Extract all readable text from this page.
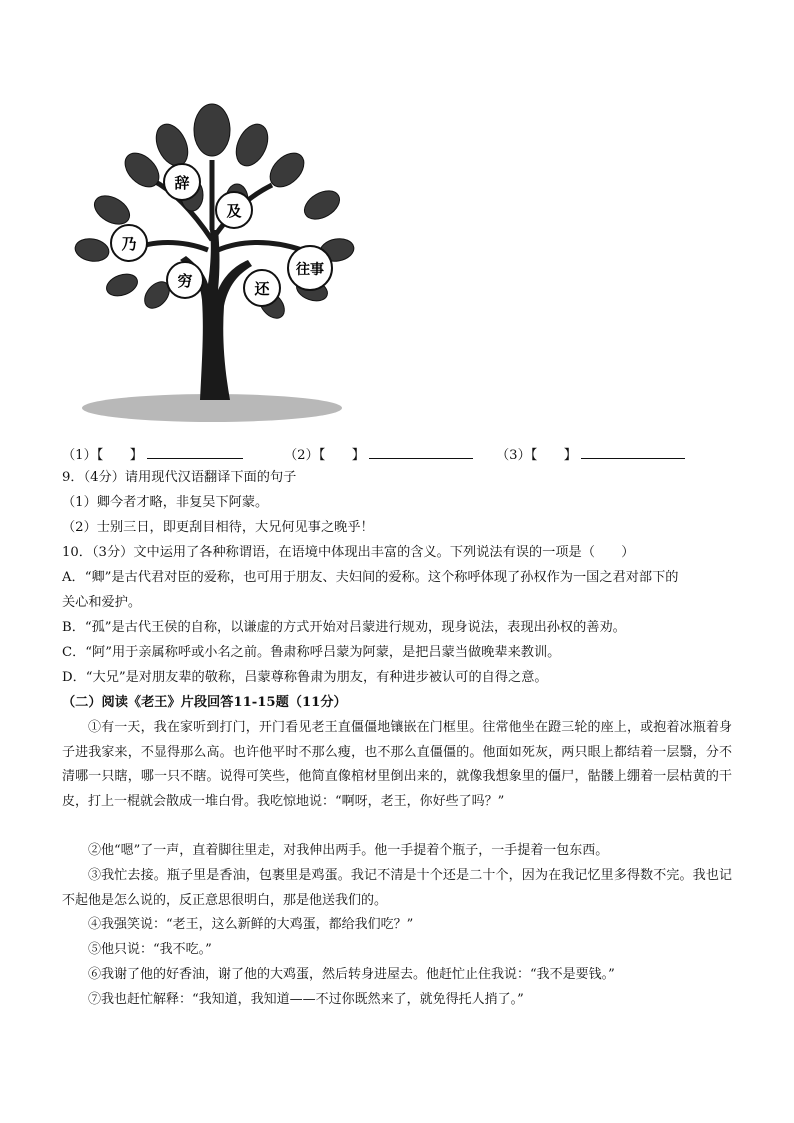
辞
及
乃
穷	还
往事
（1）【　　】	（2）【　　】	（3）【　　】
9．（4分）请用现代汉语翻译下面的句子
（1）卿今者才略，非复吴下阿蒙。
（2）士别三日，即更刮目相待，大兄何见事之晚乎！
10．（3分）文中运用了各种称谓语，在语境中体现出丰富的含义。下列说法有误的一项是（　　）
A．“卿”是古代君对臣的爱称，也可用于朋友、夫妇间的爱称。这个称呼体现了孙权作为一国之君对部下的
关心和爱护。
B．“孤”是古代王侯的自称，以谦虚的方式开始对吕蒙进行规劝，现身说法，表现出孙权的善劝。
C．“阿”用于亲属称呼或小名之前。鲁肃称呼吕蒙为阿蒙，是把吕蒙当做晚辈来教训。
D．“大兄”是对朋友辈的敬称，吕蒙尊称鲁肃为朋友，有种进步被认可的自得之意。
（二）阅读《老王》片段回答11-15题（11分）
①有一天，我在家听到打门，开门看见老王直僵僵地镶嵌在门框里。往常他坐在蹬三轮的座上，或抱着冰瓶着身子进我家来，不显得那么高。也许他平时不那么瘦，也不那么直僵僵的。他面如死灰，两只眼上都结着一层翳，分不清哪一只瞎，哪一只不瞎。说得可笑些，他简直像棺材里倒出来的，就像我想象里的僵尸，骷髅上绷着一层枯黄的干皮，打上一棍就会散成一堆白骨。我吃惊地说：“啊呀，老王，你好些了吗？”
②他“嗯”了一声，直着脚往里走，对我伸出两手。他一手提着个瓶子，一手提着一包东西。
③我忙去接。瓶子里是香油，包裹里是鸡蛋。我记不清是十个还是二十个，因为在我记忆里多得数不完。我也记不起他是怎么说的，反正意思很明白，那是他送我们的。
④我强笑说：“老王，这么新鲜的大鸡蛋，都给我们吃？”
⑤他只说：“我不吃。”
⑥我谢了他的好香油，谢了他的大鸡蛋，然后转身进屋去。他赶忙止住我说：“我不是要钱。”
⑦我也赶忙解释：“我知道，我知道——不过你既然来了，就免得托人捎了。”
